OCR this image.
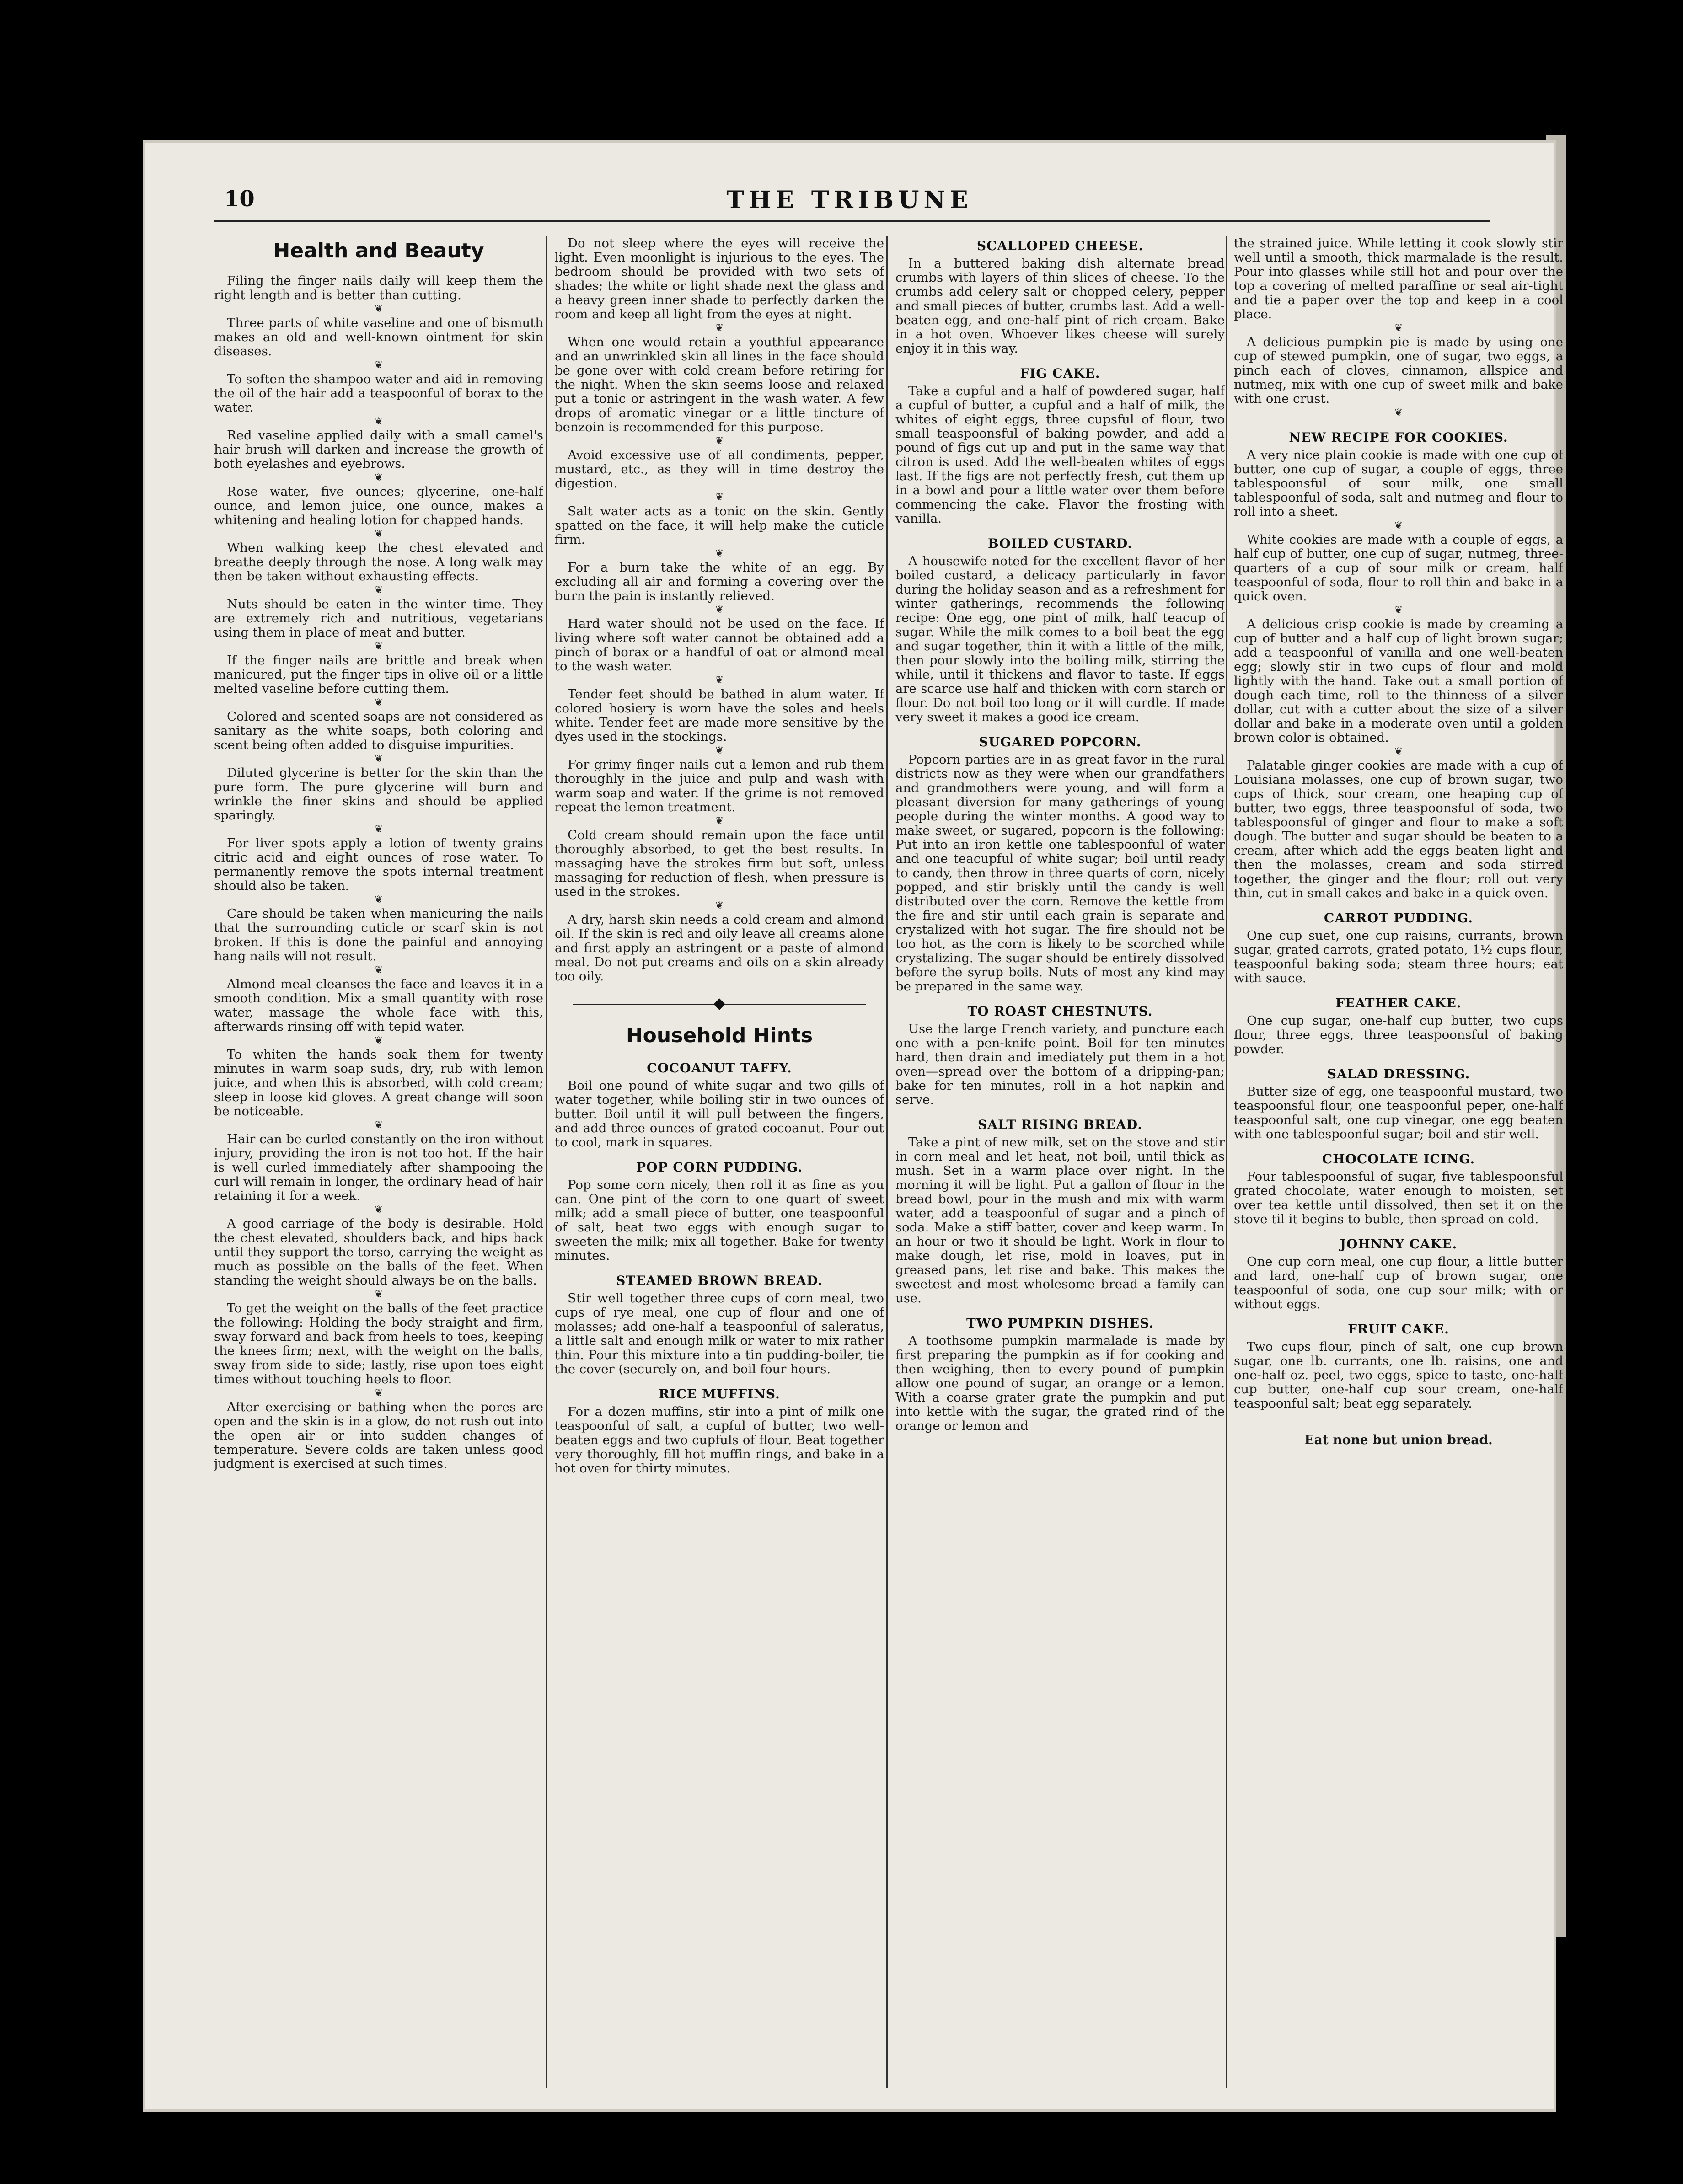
10	THE TRIBUNE
Health and Beauty

Filing the finger nails daily will keep them the right length and is better than cutting.

❦

Three parts of white vaseline and one of bismuth makes an old and well-known ointment for skin diseases.

❦

To soften the shampoo water and aid in removing the oil of the hair add a teaspoonful of borax to the water.

❦

Red vaseline applied daily with a small camel's hair brush will darken and increase the growth of both eyelashes and eyebrows.

❦

Rose water, five ounces; glycerine, one-half ounce, and lemon juice, one ounce, makes a whitening and healing lotion for chapped hands.

❦

When walking keep the chest elevated and breathe deeply through the nose. A long walk may then be taken without exhausting effects.

❦

Nuts should be eaten in the winter time. They are extremely rich and nutritious, vegetarians using them in place of meat and butter.

❦

If the finger nails are brittle and break when manicured, put the finger tips in olive oil or a little melted vaseline before cutting them.

❦

Colored and scented soaps are not considered as sanitary as the white soaps, both coloring and scent being often added to disguise impurities.

❦

Diluted glycerine is better for the skin than the pure form. The pure glycerine will burn and wrinkle the finer skins and should be applied sparingly.

❦

For liver spots apply a lotion of twenty grains citric acid and eight ounces of rose water. To permanently remove the spots internal treatment should also be taken.

❦

Care should be taken when manicuring the nails that the surrounding cuticle or scarf skin is not broken. If this is done the painful and annoying hang nails will not result.

❦

Almond meal cleanses the face and leaves it in a smooth condition. Mix a small quantity with rose water, massage the whole face with this, afterwards rinsing off with tepid water.

❦

To whiten the hands soak them for twenty minutes in warm soap suds, dry, rub with lemon juice, and when this is absorbed, with cold cream; sleep in loose kid gloves. A great change will soon be noticeable.

❦

Hair can be curled constantly on the iron without injury, providing the iron is not too hot. If the hair is well curled immediately after shampooing the curl will remain in longer, the ordinary head of hair retaining it for a week.

❦

A good carriage of the body is desirable. Hold the chest elevated, shoulders back, and hips back until they support the torso, carrying the weight as much as possible on the balls of the feet. When standing the weight should always be on the balls.

❦

To get the weight on the balls of the feet practice the following: Holding the body straight and firm, sway forward and back from heels to toes, keeping the knees firm; next, with the weight on the balls, sway from side to side; lastly, rise upon toes eight times without touching heels to floor.

❦

After exercising or bathing when the pores are open and the skin is in a glow, do not rush out into the open air or into sudden changes of temperature. Severe colds are taken unless good judgment is exercised at such times.

Do not sleep where the eyes will receive the light. Even moonlight is injurious to the eyes. The bedroom should be provided with two sets of shades; the white or light shade next the glass and a heavy green inner shade to perfectly darken the room and keep all light from the eyes at night.

❦

When one would retain a youthful appearance and an unwrinkled skin all lines in the face should be gone over with cold cream before retiring for the night. When the skin seems loose and relaxed put a tonic or astringent in the wash water. A few drops of aromatic vinegar or a little tincture of benzoin is recommended for this purpose.

❦

Avoid excessive use of all condiments, pepper, mustard, etc., as they will in time destroy the digestion.

❦

Salt water acts as a tonic on the skin. Gently spatted on the face, it will help make the cuticle firm.

❦

For a burn take the white of an egg. By excluding all air and forming a covering over the burn the pain is instantly relieved.

❦

Hard water should not be used on the face. If living where soft water cannot be obtained add a pinch of borax or a handful of oat or almond meal to the wash water.

❦

Tender feet should be bathed in alum water. If colored hosiery is worn have the soles and heels white. Tender feet are made more sensitive by the dyes used in the stockings.

❦

For grimy finger nails cut a lemon and rub them thoroughly in the juice and pulp and wash with warm soap and water. If the grime is not removed repeat the lemon treatment.

❦

Cold cream should remain upon the face until thoroughly absorbed, to get the best results. In massaging have the strokes firm but soft, unless massaging for reduction of flesh, when pressure is used in the strokes.

❦

A dry, harsh skin needs a cold cream and almond oil. If the skin is red and oily leave all creams alone and first apply an astringent or a paste of almond meal. Do not put creams and oils on a skin already too oily.

Household Hints
COCOANUT TAFFY.

Boil one pound of white sugar and two gills of water together, while boiling stir in two ounces of butter. Boil until it will pull between the fingers, and add three ounces of grated cocoanut. Pour out to cool, mark in squares.

POP CORN PUDDING.

Pop some corn nicely, then roll it as fine as you can. One pint of the corn to one quart of sweet milk; add a small piece of butter, one teaspoonful of salt, beat two eggs with enough sugar to sweeten the milk; mix all together. Bake for twenty minutes.

STEAMED BROWN BREAD.

Stir well together three cups of corn meal, two cups of rye meal, one cup of flour and one of molasses; add one-half a teaspoonful of saleratus, a little salt and enough milk or water to mix rather thin. Pour this mixture into a tin pudding-boiler, tie the cover (securely on, and boil four hours.

RICE MUFFINS.

For a dozen muffins, stir into a pint of milk one teaspoonful of salt, a cupful of butter, two well-beaten eggs and two cupfuls of flour. Beat together very thoroughly, fill hot muffin rings, and bake in a hot oven for thirty minutes.

SCALLOPED CHEESE.

In a buttered baking dish alternate bread crumbs with layers of thin slices of cheese. To the crumbs add celery salt or chopped celery, pepper and small pieces of butter, crumbs last. Add a well-beaten egg, and one-half pint of rich cream. Bake in a hot oven. Whoever likes cheese will surely enjoy it in this way.

FIG CAKE.

Take a cupful and a half of powdered sugar, half a cupful of butter, a cupful and a half of milk, the whites of eight eggs, three cupsful of flour, two small teaspoonsful of baking powder, and add a pound of figs cut up and put in the same way that citron is used. Add the well-beaten whites of eggs last. If the figs are not perfectly fresh, cut them up in a bowl and pour a little water over them before commencing the cake. Flavor the frosting with vanilla.

BOILED CUSTARD.

A housewife noted for the excellent flavor of her boiled custard, a delicacy particularly in favor during the holiday season and as a refreshment for winter gatherings, recommends the following recipe: One egg, one pint of milk, half teacup of sugar. While the milk comes to a boil beat the egg and sugar together, thin it with a little of the milk, then pour slowly into the boiling milk, stirring the while, until it thickens and flavor to taste. If eggs are scarce use half and thicken with corn starch or flour. Do not boil too long or it will curdle. If made very sweet it makes a good ice cream.

SUGARED POPCORN.

Popcorn parties are in as great favor in the rural districts now as they were when our grandfathers and grandmothers were young, and will form a pleasant diversion for many gatherings of young people during the winter months. A good way to make sweet, or sugared, popcorn is the following: Put into an iron kettle one tablespoonful of water and one teacupful of white sugar; boil until ready to candy, then throw in three quarts of corn, nicely popped, and stir briskly until the candy is well distributed over the corn. Remove the kettle from the fire and stir until each grain is separate and crystalized with hot sugar. The fire should not be too hot, as the corn is likely to be scorched while crystalizing. The sugar should be entirely dissolved before the syrup boils. Nuts of most any kind may be prepared in the same way.

TO ROAST CHESTNUTS.

Use the large French variety, and puncture each one with a pen-knife point. Boil for ten minutes hard, then drain and imediately put them in a hot oven—spread over the bottom of a dripping-pan; bake for ten minutes, roll in a hot napkin and serve.

SALT RISING BREAD.

Take a pint of new milk, set on the stove and stir in corn meal and let heat, not boil, until thick as mush. Set in a warm place over night. In the morning it will be light. Put a gallon of flour in the bread bowl, pour in the mush and mix with warm water, add a teaspoonful of sugar and a pinch of soda. Make a stiff batter, cover and keep warm. In an hour or two it should be light. Work in flour to make dough, let rise, mold in loaves, put in greased pans, let rise and bake. This makes the sweetest and most wholesome bread a family can use.

TWO PUMPKIN DISHES.

A toothsome pumpkin marmalade is made by first preparing the pumpkin as if for cooking and then weighing, then to every pound of pumpkin allow one pound of sugar, an orange or a lemon. With a coarse grater grate the pumpkin and put into kettle with the sugar, the grated rind of the orange or lemon and

the strained juice. While letting it cook slowly stir well until a smooth, thick marmalade is the result. Pour into glasses while still hot and pour over the top a covering of melted paraffine or seal air-tight and tie a paper over the top and keep in a cool place.

❦

A delicious pumpkin pie is made by using one cup of stewed pumpkin, one of sugar, two eggs, a pinch each of cloves, cinnamon, allspice and nutmeg, mix with one cup of sweet milk and bake with one crust.

❦
NEW RECIPE FOR COOKIES.

A very nice plain cookie is made with one cup of butter, one cup of sugar, a couple of eggs, three tablespoonsful of sour milk, one small tablespoonful of soda, salt and nutmeg and flour to roll into a sheet.

❦

White cookies are made with a couple of eggs, a half cup of butter, one cup of sugar, nutmeg, three-quarters of a cup of sour milk or cream, half teaspoonful of soda, flour to roll thin and bake in a quick oven.

❦

A delicious crisp cookie is made by creaming a cup of butter and a half cup of light brown sugar; add a teaspoonful of vanilla and one well-beaten egg; slowly stir in two cups of flour and mold lightly with the hand. Take out a small portion of dough each time, roll to the thinness of a silver dollar, cut with a cutter about the size of a silver dollar and bake in a moderate oven until a golden brown color is obtained.

❦

Palatable ginger cookies are made with a cup of Louisiana molasses, one cup of brown sugar, two cups of thick, sour cream, one heaping cup of butter, two eggs, three teaspoonsful of soda, two tablespoonsful of ginger and flour to make a soft dough. The butter and sugar should be beaten to a cream, after which add the eggs beaten light and then the molasses, cream and soda stirred together, the ginger and the flour; roll out very thin, cut in small cakes and bake in a quick oven.

CARROT PUDDING.

One cup suet, one cup raisins, currants, brown sugar, grated carrots, grated potato, 1½ cups flour, teaspoonful baking soda; steam three hours; eat with sauce.

FEATHER CAKE.

One cup sugar, one-half cup butter, two cups flour, three eggs, three teaspoonsful of baking powder.

SALAD DRESSING.

Butter size of egg, one teaspoonful mustard, two teaspoonsful flour, one teaspoonful peper, one-half teaspoonful salt, one cup vinegar, one egg beaten with one tablespoonful sugar; boil and stir well.

CHOCOLATE ICING.

Four tablespoonsful of sugar, five tablespoonsful grated chocolate, water enough to moisten, set over tea kettle until dissolved, then set it on the stove til it begins to buble, then spread on cold.

JOHNNY CAKE.

One cup corn meal, one cup flour, a little butter and lard, one-half cup of brown sugar, one teaspoonful of soda, one cup sour milk; with or without eggs.

FRUIT CAKE.

Two cups flour, pinch of salt, one cup brown sugar, one lb. currants, one lb. raisins, one and one-half oz. peel, two eggs, spice to taste, one-half cup butter, one-half cup sour cream, one-half teaspoonful salt; beat egg separately.

Eat none but union bread.
